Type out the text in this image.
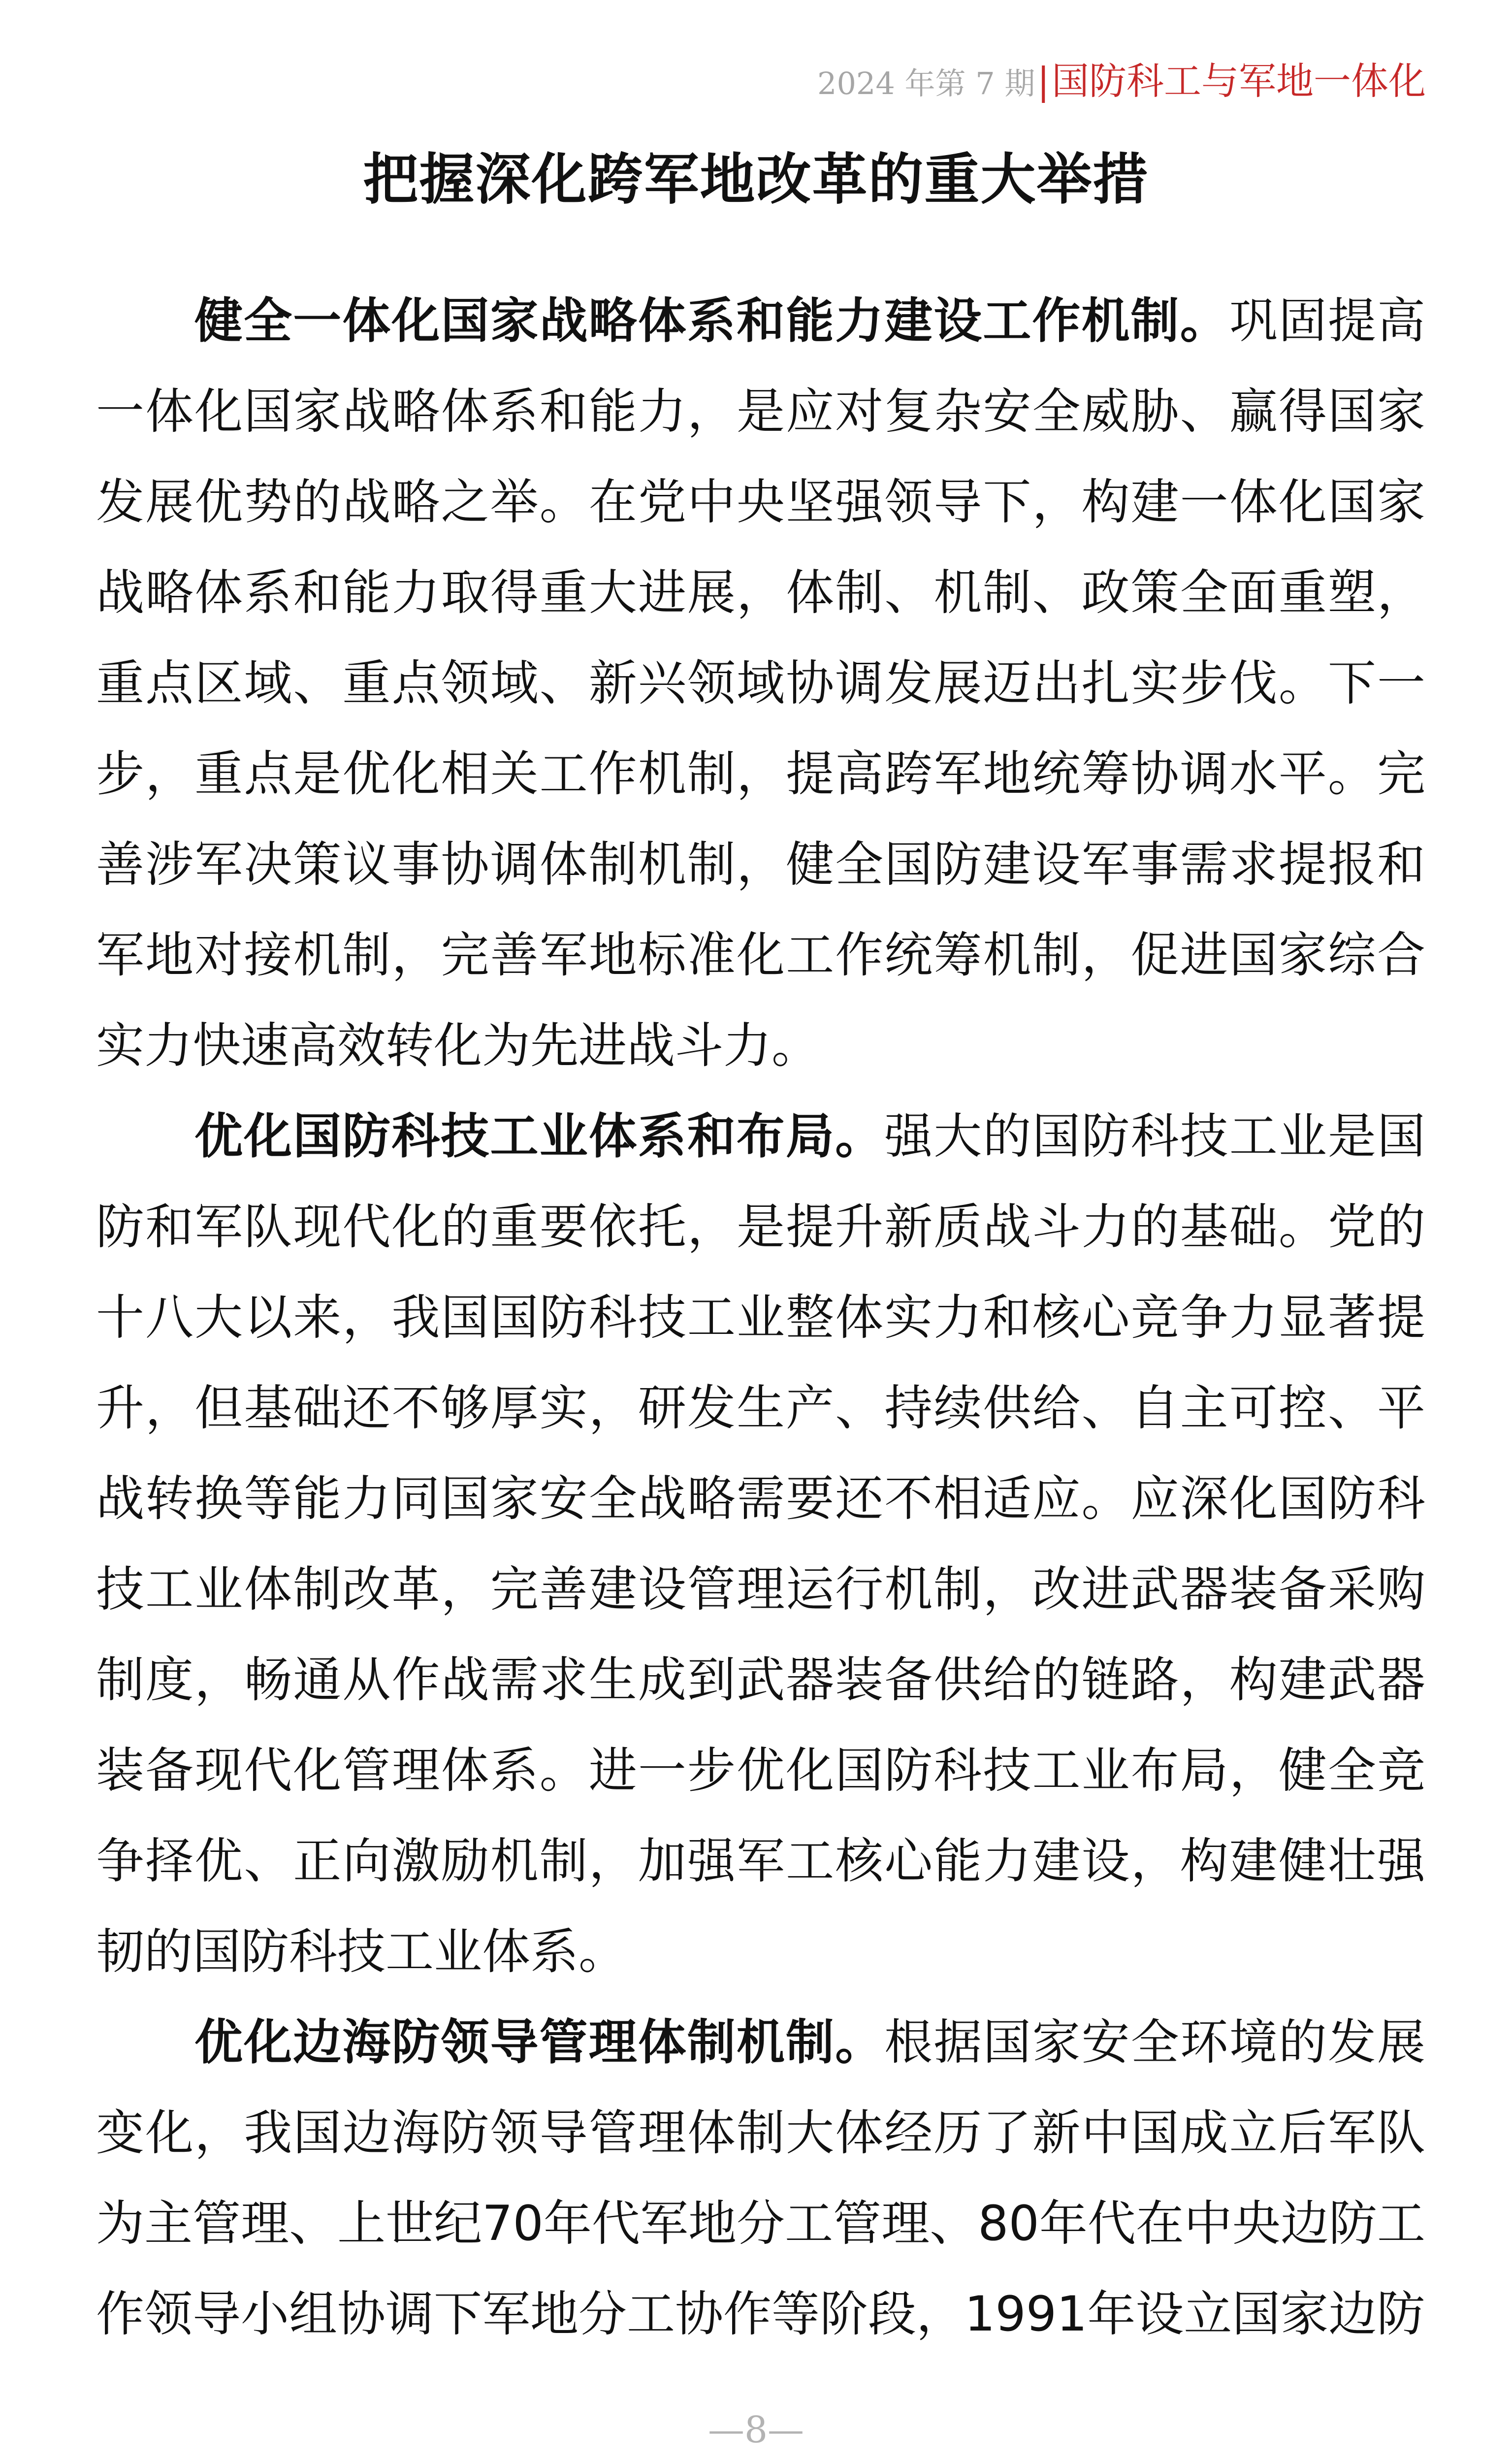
2024 年第 7 期|国防科工与军地一体化
把握深化跨军地改革的重大举措

健全一体化国家战略体系和能力建设工作机制。巩固提高一体化国家战略体系和能力，是应对复杂安全威胁、赢得国家发展优势的战略之举。在党中央坚强领导下，构建一体化国家战略体系和能力取得重大进展，体制、机制、政策全面重塑，重点区域、重点领域、新兴领域协调发展迈出扎实步伐。下一步，重点是优化相关工作机制，提高跨军地统筹协调水平。完善涉军决策议事协调体制机制，健全国防建设军事需求提报和军地对接机制，完善军地标准化工作统筹机制，促进国家综合实力快速高效转化为先进战斗力。

优化国防科技工业体系和布局。强大的国防科技工业是国防和军队现代化的重要依托，是提升新质战斗力的基础。党的十八大以来，我国国防科技工业整体实力和核心竞争力显著提升，但基础还不够厚实，研发生产、持续供给、自主可控、平战转换等能力同国家安全战略需要还不相适应。应深化国防科技工业体制改革，完善建设管理运行机制，改进武器装备采购制度，畅通从作战需求生成到武器装备供给的链路，构建武器装备现代化管理体系。进一步优化国防科技工业布局，健全竞争择优、正向激励机制，加强军工核心能力建设，构建健壮强韧的国防科技工业体系。

优化边海防领导管理体制机制。根据国家安全环境的发展变化，我国边海防领导管理体制大体经历了新中国成立后军队为主管理、上世纪70年代军地分工管理、80年代在中央边防工作领导小组协调下军地分工协作等阶段，1991年设立国家边防

—8—
